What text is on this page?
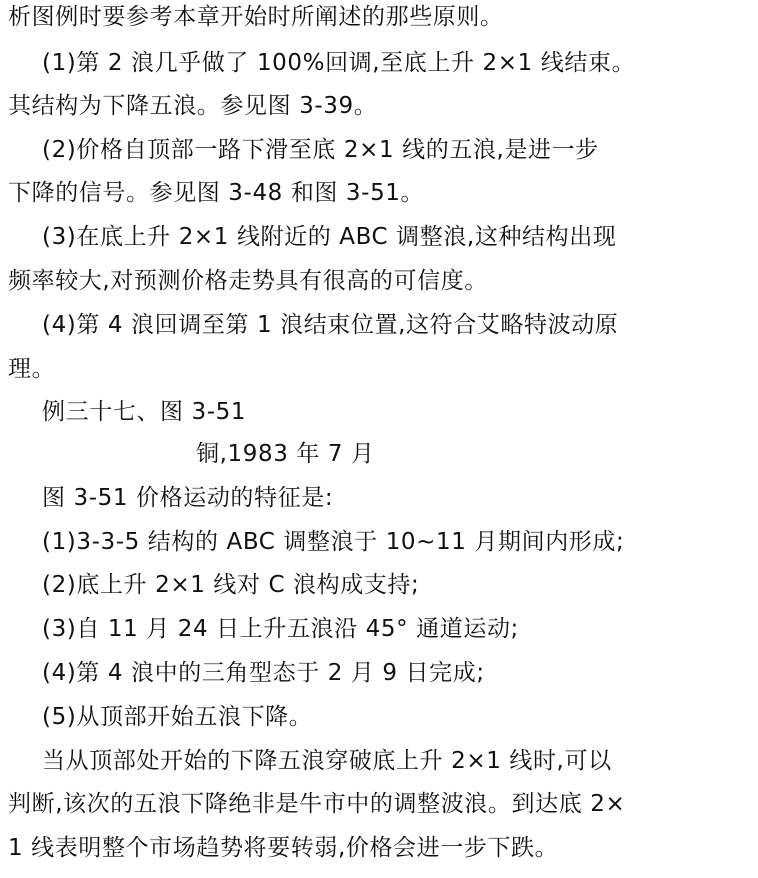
析图例时要参考本章开始时所阐述的那些原则。
(1)第 2 浪几乎做了 100%回调,至底上升 2×1 线结束。
其结构为下降五浪。参见图 3-39。
(2)价格自顶部一路下滑至底 2×1 线的五浪,是进一步
下降的信号。参见图 3-48 和图 3-51。
(3)在底上升 2×1 线附近的 ABC 调整浪,这种结构出现
频率较大,对预测价格走势具有很高的可信度。
(4)第 4 浪回调至第 1 浪结束位置,这符合艾略特波动原
理。
例三十七、图 3-51
铜,1983 年 7 月
图 3-51 价格运动的特征是:
(1)3-3-5 结构的 ABC 调整浪于 10~11 月期间内形成;
(2)底上升 2×1 线对 C 浪构成支持;
(3)自 11 月 24 日上升五浪沿 45° 通道运动;
(4)第 4 浪中的三角型态于 2 月 9 日完成;
(5)从顶部开始五浪下降。
当从顶部处开始的下降五浪穿破底上升 2×1 线时,可以
判断,该次的五浪下降绝非是牛市中的调整波浪。到达底 2×
1 线表明整个市场趋势将要转弱,价格会进一步下跌。
